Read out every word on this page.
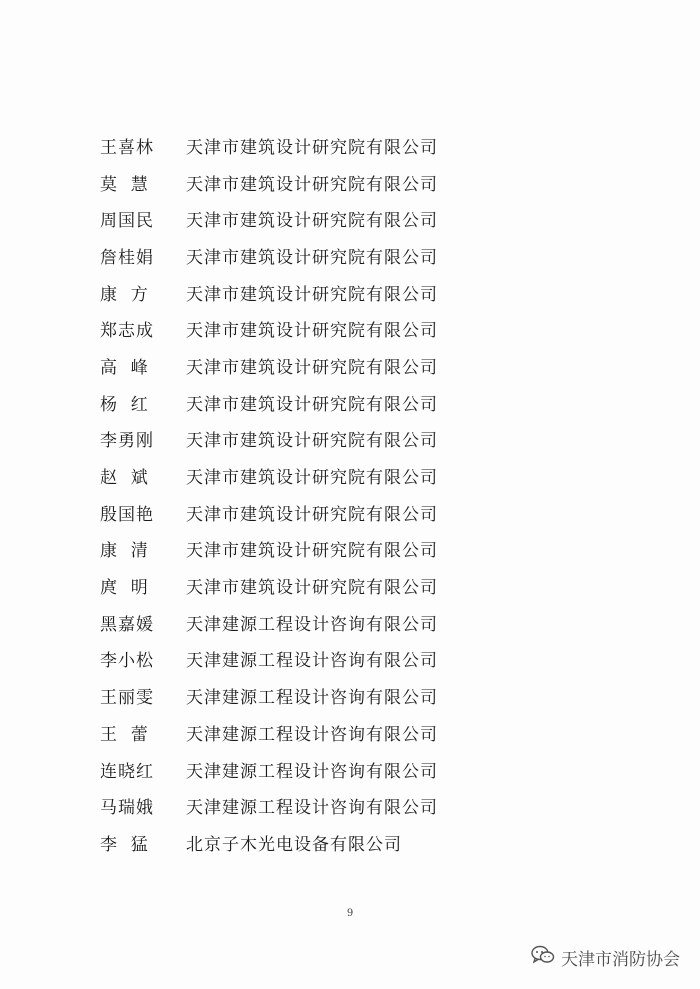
王喜林	天津市建筑设计研究院有限公司
莫  慧	天津市建筑设计研究院有限公司
周国民	天津市建筑设计研究院有限公司
詹桂娟	天津市建筑设计研究院有限公司
康  方	天津市建筑设计研究院有限公司
郑志成	天津市建筑设计研究院有限公司
高  峰	天津市建筑设计研究院有限公司
杨  红	天津市建筑设计研究院有限公司
李勇刚	天津市建筑设计研究院有限公司
赵  斌	天津市建筑设计研究院有限公司
殷国艳	天津市建筑设计研究院有限公司
康  清	天津市建筑设计研究院有限公司
庹  明	天津市建筑设计研究院有限公司
黑嘉媛	天津建源工程设计咨询有限公司
李小松	天津建源工程设计咨询有限公司
王丽雯	天津建源工程设计咨询有限公司
王  蕾	天津建源工程设计咨询有限公司
连晓红	天津建源工程设计咨询有限公司
马瑞娥	天津建源工程设计咨询有限公司
李  猛	北京子木光电设备有限公司
9
天津市消防协会
